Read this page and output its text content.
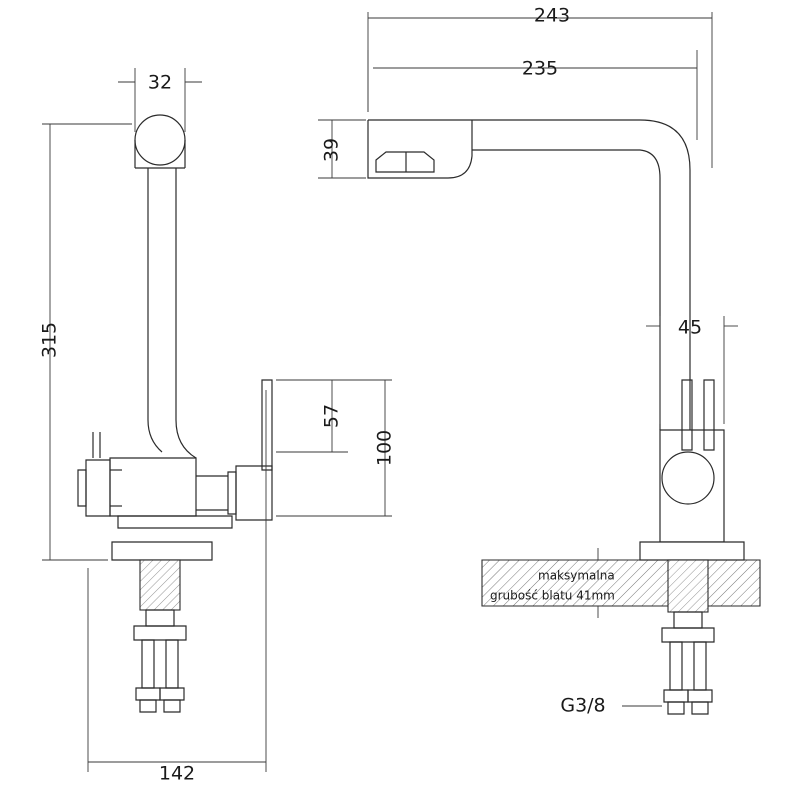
32
315
142
57
100
243
235
39
45
maksymalna
grubość blatu 41mm
G3/8
